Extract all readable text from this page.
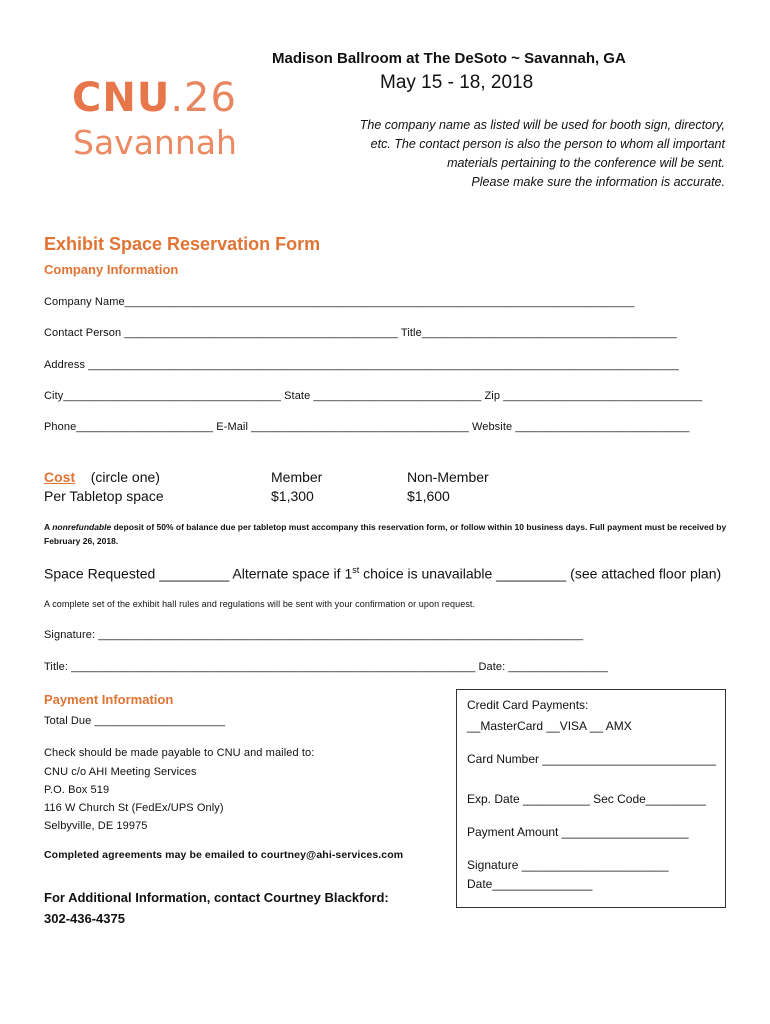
CNU.26
Savannah
Madison Ballroom at The DeSoto ~ Savannah, GA
May 15 - 18, 2018
The company name as listed will be used for booth sign, directory,
etc. The contact person is also the person to whom all important
materials pertaining to the conference will be sent.
Please make sure the information is accurate.
Exhibit Space Reservation Form
Company Information
Company Name__________________________________________________________________________________
Contact Person ____________________________________________ Title_________________________________________
Address _______________________________________________________________________________________________
City___________________________________ State ___________________________ Zip ________________________________
Phone______________________ E-Mail ___________________________________ Website ____________________________
Cost (circle one)
Per Tabletop space
Member
$1,300
Non-Member
$1,600
A nonrefundable deposit of 50% of balance due per tabletop must accompany this reservation form, or follow within 10 business days. Full payment must be received by
February 26, 2018.
Space Requested _________ Alternate space if 1st choice is unavailable _________ (see attached floor plan)
A complete set of the exhibit hall rules and regulations will be sent with your confirmation or upon request.
Signature: ______________________________________________________________________________
Title: _________________________________________________________________ Date: ________________
Payment Information
Total Due _____________________
Check should be made payable to CNU and mailed to:
CNU c/o AHI Meeting Services
P.O. Box 519
116 W Church St (FedEx/UPS Only)
Selbyville, DE 19975
Completed agreements may be emailed to courtney@ahi-services.com
For Additional Information, contact Courtney Blackford:
302-436-4375
Credit Card Payments:
__MasterCard __VISA __ AMX
Card Number __________________________
Exp. Date __________ Sec Code_________
Payment Amount ___________________
Signature ______________________
Date_______________
